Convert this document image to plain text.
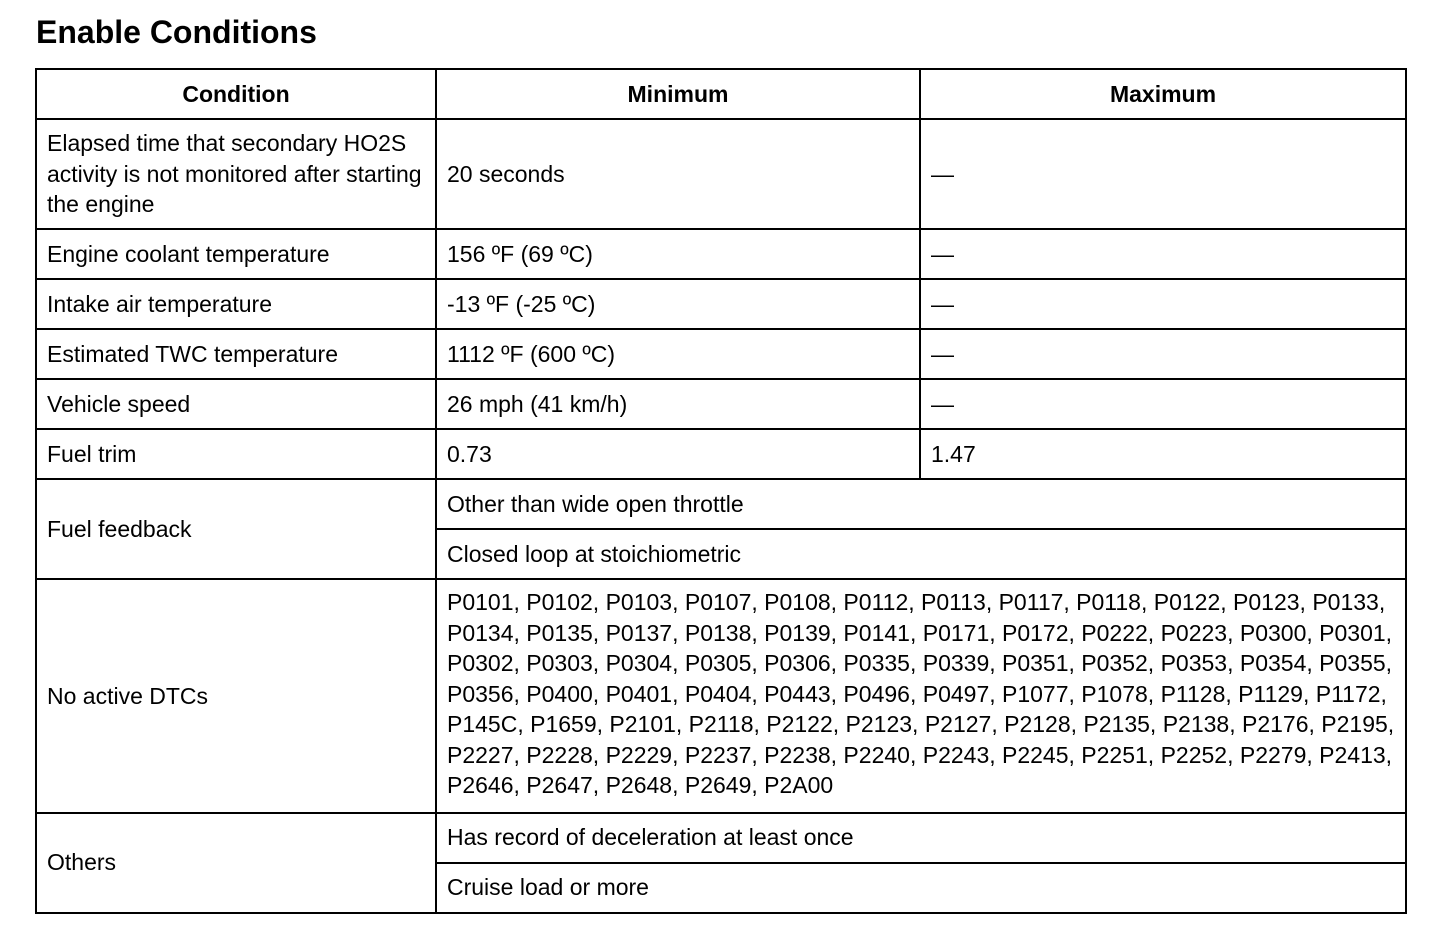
Enable Conditions
Condition	Minimum	Maximum
Elapsed time that secondary HO2S activity is not monitored after starting the engine	20 seconds	—
Engine coolant temperature	156 ºF (69 ºC)	—
Intake air temperature	-13 ºF (-25 ºC)	—
Estimated TWC temperature	1112 ºF (600 ºC)	—
Vehicle speed	26 mph (41 km/h)	—
Fuel trim	0.73	1.47
Fuel feedback	Other than wide open throttle	
	Closed loop at stoichiometric	
No active DTCs	P0101, P0102, P0103, P0107, P0108, P0112, P0113, P0117, P0118, P0122, P0123, P0133, P0134, P0135, P0137, P0138, P0139, P0141, P0171, P0172, P0222, P0223, P0300, P0301, P0302, P0303, P0304, P0305, P0306, P0335, P0339, P0351, P0352, P0353, P0354, P0355, P0356, P0400, P0401, P0404, P0443, P0496, P0497, P1077, P1078, P1128, P1129, P1172, P145C, P1659, P2101, P2118, P2122, P2123, P2127, P2128, P2135, P2138, P2176, P2195, P2227, P2228, P2229, P2237, P2238, P2240, P2243, P2245, P2251, P2252, P2279, P2413, P2646, P2647, P2648, P2649, P2A00	
Others	Has record of deceleration at least once	
	Cruise load or more	
